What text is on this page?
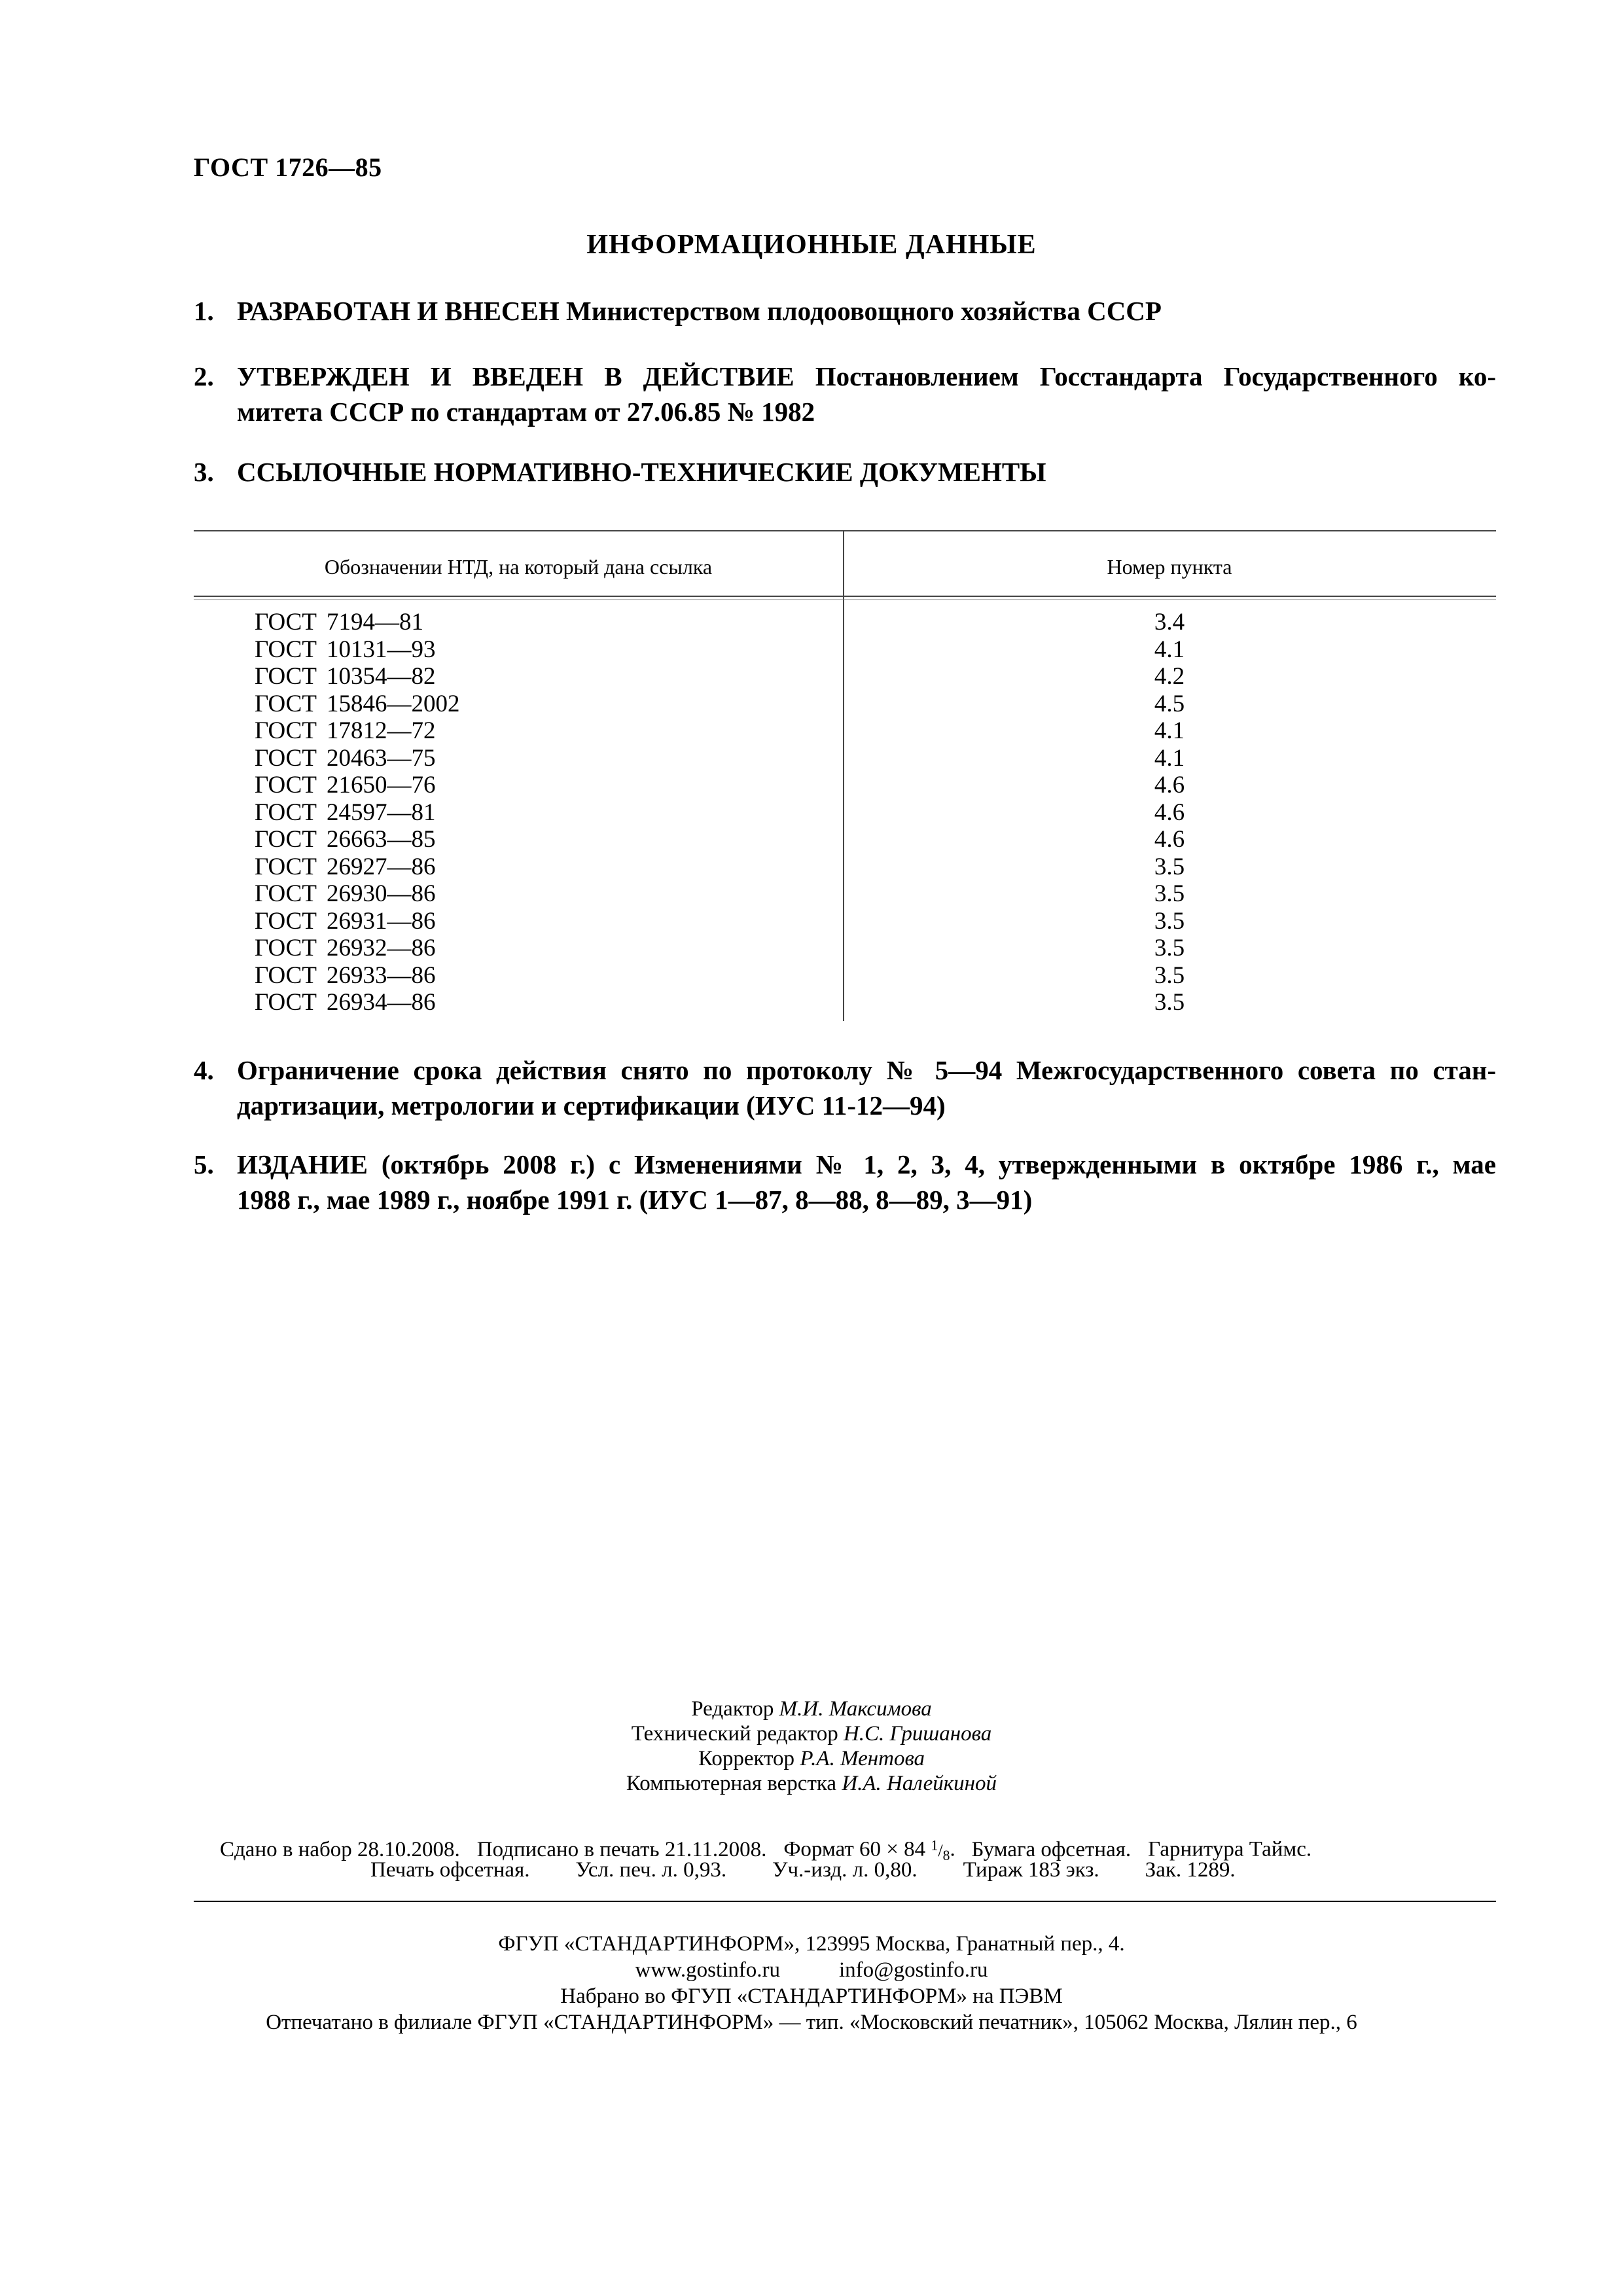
ГОСТ 1726—85
ИНФОРМАЦИОННЫЕ ДАННЫЕ
1. РАЗРАБОТАН И ВНЕСЕН Министерством плодоовощного хозяйства СССР
2. УТВЕРЖДЕН И ВВЕДЕН В ДЕЙСТВИЕ Постановлением Госстандарта Государственного ко-
митета СССР по стандартам от 27.06.85 № 1982
3. ССЫЛОЧНЫЕ НОРМАТИВНО-ТЕХНИЧЕСКИЕ ДОКУМЕНТЫ
Обозначении НТД, на который дана ссылка	Номер пункта
ГОСТ 7194—81	3.4
ГОСТ 10131—93	4.1
ГОСТ 10354—82	4.2
ГОСТ 15846—2002	4.5
ГОСТ 17812—72	4.1
ГОСТ 20463—75	4.1
ГОСТ 21650—76	4.6
ГОСТ 24597—81	4.6
ГОСТ 26663—85	4.6
ГОСТ 26927—86	3.5
ГОСТ 26930—86	3.5
ГОСТ 26931—86	3.5
ГОСТ 26932—86	3.5
ГОСТ 26933—86	3.5
ГОСТ 26934—86	3.5
4. Ограничение срока действия снято по протоколу № 5—94 Межгосударственного совета по стан-
дартизации, метрологии и сертификации (ИУС 11-12—94)
5. ИЗДАНИЕ (октябрь 2008 г.) с Изменениями № 1, 2, 3, 4, утвержденными в октябре 1986 г., мае
1988 г., мае 1989 г., ноябре 1991 г. (ИУС 1—87, 8—88, 8—89, 3—91)
Редактор М.И. Максимова
Технический редактор Н.С. Гришанова
Корректор Р.А. Ментова
Компьютерная верстка И.А. Налейкиной
Сдано в набор 28.10.2008. Подписано в печать 21.11.2008. Формат 60 × 84 $^1/_8$.   Бумага офсетная. Гарнитура Таймс.
Печать офсетная. Усл. печ. л. 0,93. Уч.-изд. л. 0,80. Тираж 183 экз. Зак. 1289.
ФГУП «СТАНДАРТИНФОРМ», 123995 Москва, Гранатный пер., 4.
www.gostinfo.ru	info@gostinfo.ru
Набрано во ФГУП «СТАНДАРТИНФОРМ» на ПЭВМ
Отпечатано в филиале ФГУП «СТАНДАРТИНФОРМ» — тип. «Московский печатник», 105062 Москва, Лялин пер., 6
